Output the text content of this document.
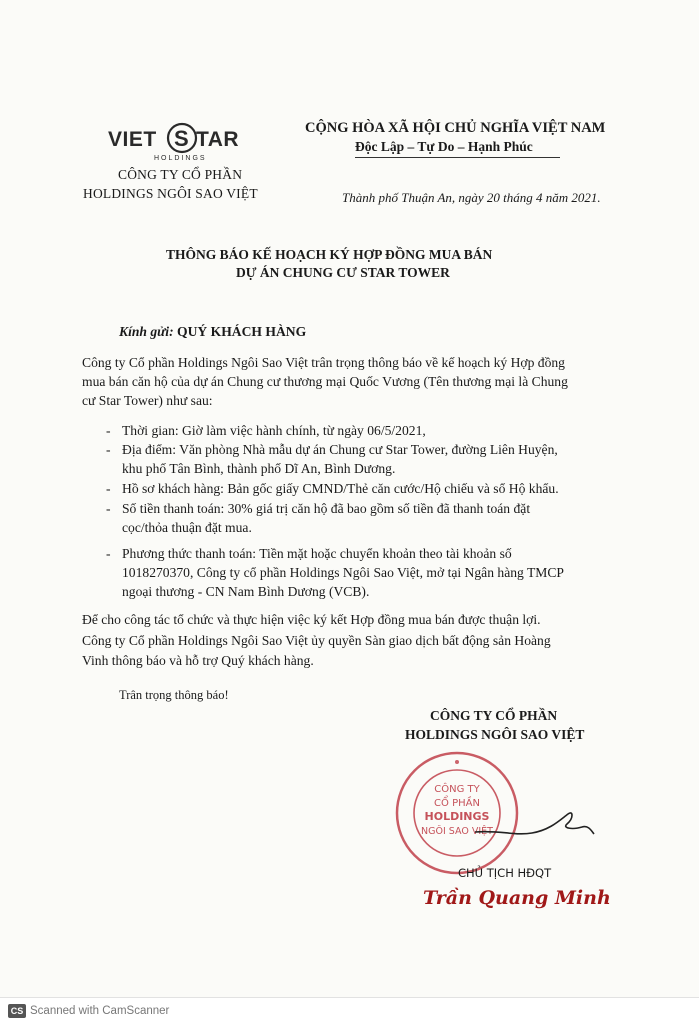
VIET S TAR
HOLDINGS
CÔNG TY CỔ PHẦN
HOLDINGS NGÔI SAO VIỆT
CỘNG HÒA XÃ HỘI CHỦ NGHĨA VIỆT NAM
Độc Lập – Tự Do – Hạnh Phúc
Thành phố Thuận An, ngày 20 tháng 4 năm 2021.
THÔNG BÁO KẾ HOẠCH KÝ HỢP ĐỒNG MUA BÁN
DỰ ÁN CHUNG CƯ STAR TOWER
Kính gửi: QUÝ KHÁCH HÀNG
Công ty Cổ phần Holdings Ngôi Sao Việt trân trọng thông báo về kế hoạch ký Hợp đồng
mua bán căn hộ của dự án Chung cư thương mại Quốc Vương (Tên thương mại là Chung
cư Star Tower) như sau:
- Thời gian: Giờ làm việc hành chính, từ ngày 06/5/2021,
- Địa điểm: Văn phòng Nhà mẫu dự án Chung cư Star Tower, đường Liên Huyện,
khu phố Tân Bình, thành phố Dĩ An, Bình Dương.
- Hồ sơ khách hàng: Bản gốc giấy CMND/Thẻ căn cước/Hộ chiếu và sổ Hộ khẩu.
- Số tiền thanh toán: 30% giá trị căn hộ đã bao gồm số tiền đã thanh toán đặt
cọc/thỏa thuận đặt mua.
- Phương thức thanh toán: Tiền mặt hoặc chuyển khoản theo tài khoản số
1018270370, Công ty cổ phần Holdings Ngôi Sao Việt, mở tại Ngân hàng TMCP
ngoại thương - CN Nam Bình Dương (VCB).
Để cho công tác tổ chức và thực hiện việc ký kết Hợp đồng mua bán được thuận lợi.
Công ty Cổ phần Holdings Ngôi Sao Việt ủy quyền Sàn giao dịch bất động sản Hoàng
Vinh thông báo và hỗ trợ Quý khách hàng.
Trân trọng thông báo!
CÔNG TY CỔ PHẦN
HOLDINGS NGÔI SAO VIỆT
CÔNG TY
CỔ PHẦN
HOLDINGS
NGÔI SAO VIỆT
CHỦ TỊCH HĐQT
Trần Quang Minh
CS Scanned with CamScanner
